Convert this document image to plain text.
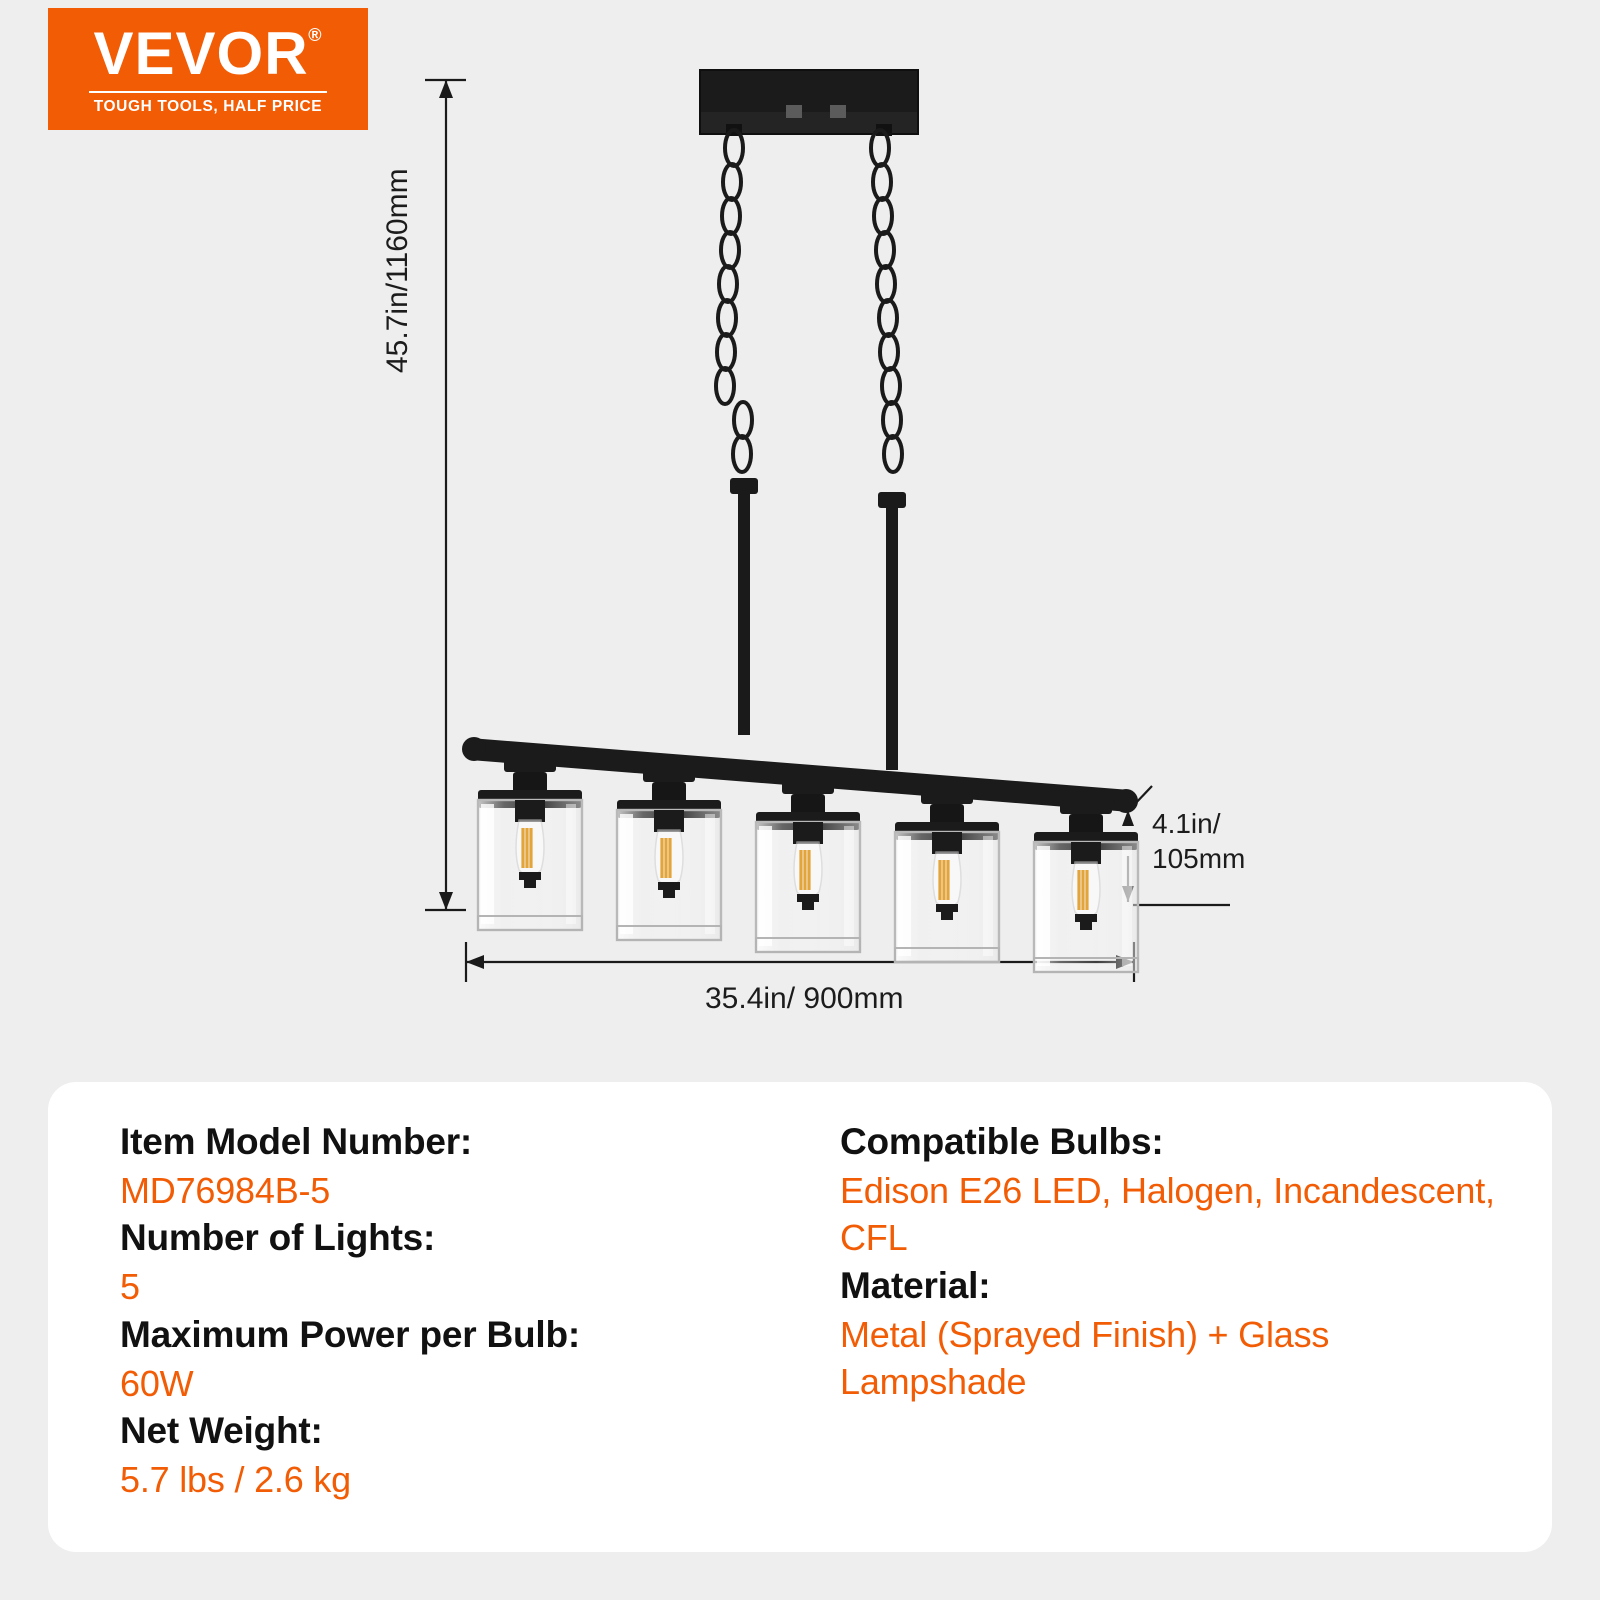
VEVOR ®
TOUGH TOOLS, HALF PRICE
45.7in/1160mm
35.4in/ 900mm
4.1in/
105mm
Item Model Number:
MD76984B-5
Number of Lights:
5
Maximum Power per Bulb:
60W
Net Weight:
5.7 lbs / 2.6 kg
Compatible Bulbs:
Edison E26 LED, Halogen, Incandescent, CFL
Material:
Metal (Sprayed Finish) + Glass Lampshade
